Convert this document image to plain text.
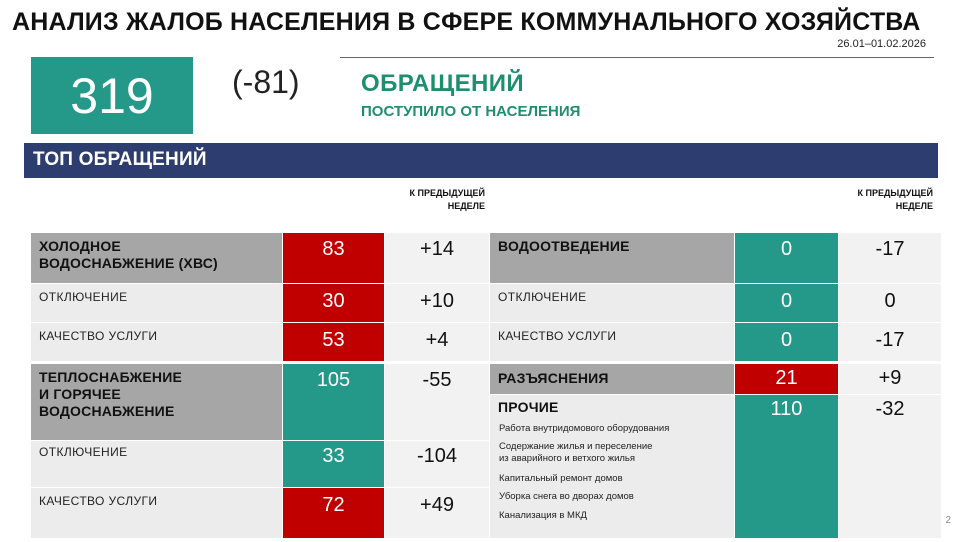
АНАЛИЗ ЖАЛОБ НАСЕЛЕНИЯ В СФЕРЕ КОММУНАЛЬНОГО ХОЗЯЙСТВА
26.01–01.02.2026
319 (-81)	ОБРАЩЕНИЙ
ПОСТУПИЛО ОТ НАСЕЛЕНИЯ
ТОП ОБРАЩЕНИЙ
К ПРЕДЫДУЩЕЙ
НЕДЕЛЕ
К ПРЕДЫДУЩЕЙ
НЕДЕЛЕ
ХОЛОДНОЕ
ВОДОСНАБЖЕНИЕ (ХВС)
83	+14
ОТКЛЮЧЕНИЕ	30	+10
КАЧЕСТВО УСЛУГИ	53	+4
ТЕПЛОСНАБЖЕНИЕ
И ГОРЯЧЕЕ
ВОДОСНАБЖЕНИЕ
105	-55
ОТКЛЮЧЕНИЕ	33	-104
КАЧЕСТВО УСЛУГИ	72	+49
ВОДООТВЕДЕНИЕ	0	-17
ОТКЛЮЧЕНИЕ	0	0
КАЧЕСТВО УСЛУГИ	0	-17
РАЗЪЯСНЕНИЯ	21	+9
ПРОЧИЕ	110	-32
Работа внутридомового оборудования
Содержание жилья и переселение
из аварийного и ветхого жилья
Капитальный ремонт домов
Уборка снега во дворах домов
Канализация в МКД	2
